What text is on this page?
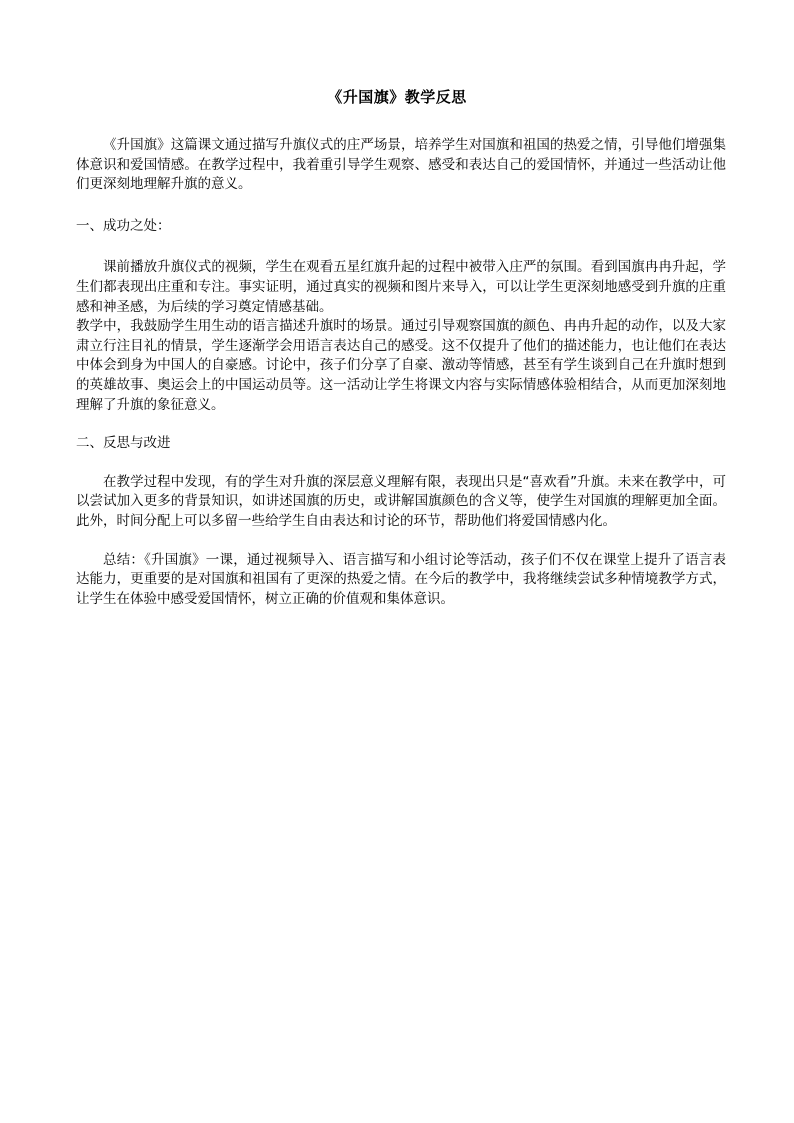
《升国旗》教学反思

《升国旗》这篇课文通过描写升旗仪式的庄严场景，培养学生对国旗和祖国的热爱之情，引导他们增强集体意识和爱国情感。在教学过程中，我着重引导学生观察、感受和表达自己的爱国情怀，并通过一些活动让他们更深刻地理解升旗的意义。

一、成功之处：

课前播放升旗仪式的视频，学生在观看五星红旗升起的过程中被带入庄严的氛围。看到国旗冉冉升起，学生们都表现出庄重和专注。事实证明，通过真实的视频和图片来导入，可以让学生更深刻地感受到升旗的庄重感和神圣感，为后续的学习奠定情感基础。

教学中，我鼓励学生用生动的语言描述升旗时的场景。通过引导观察国旗的颜色、冉冉升起的动作，以及大家肃立行注目礼的情景，学生逐渐学会用语言表达自己的感受。这不仅提升了他们的描述能力，也让他们在表达中体会到身为中国人的自豪感。讨论中，孩子们分享了自豪、激动等情感，甚至有学生谈到自己在升旗时想到的英雄故事、奥运会上的中国运动员等。这一活动让学生将课文内容与实际情感体验相结合，从而更加深刻地理解了升旗的象征意义。

二、反思与改进

在教学过程中发现，有的学生对升旗的深层意义理解有限，表现出只是“喜欢看”升旗。未来在教学中，可以尝试加入更多的背景知识，如讲述国旗的历史，或讲解国旗颜色的含义等，使学生对国旗的理解更加全面。此外，时间分配上可以多留一些给学生自由表达和讨论的环节，帮助他们将爱国情感内化。

总结：《升国旗》一课，通过视频导入、语言描写和小组讨论等活动，孩子们不仅在课堂上提升了语言表达能力，更重要的是对国旗和祖国有了更深的热爱之情。在今后的教学中，我将继续尝试多种情境教学方式，让学生在体验中感受爱国情怀，树立正确的价值观和集体意识。
